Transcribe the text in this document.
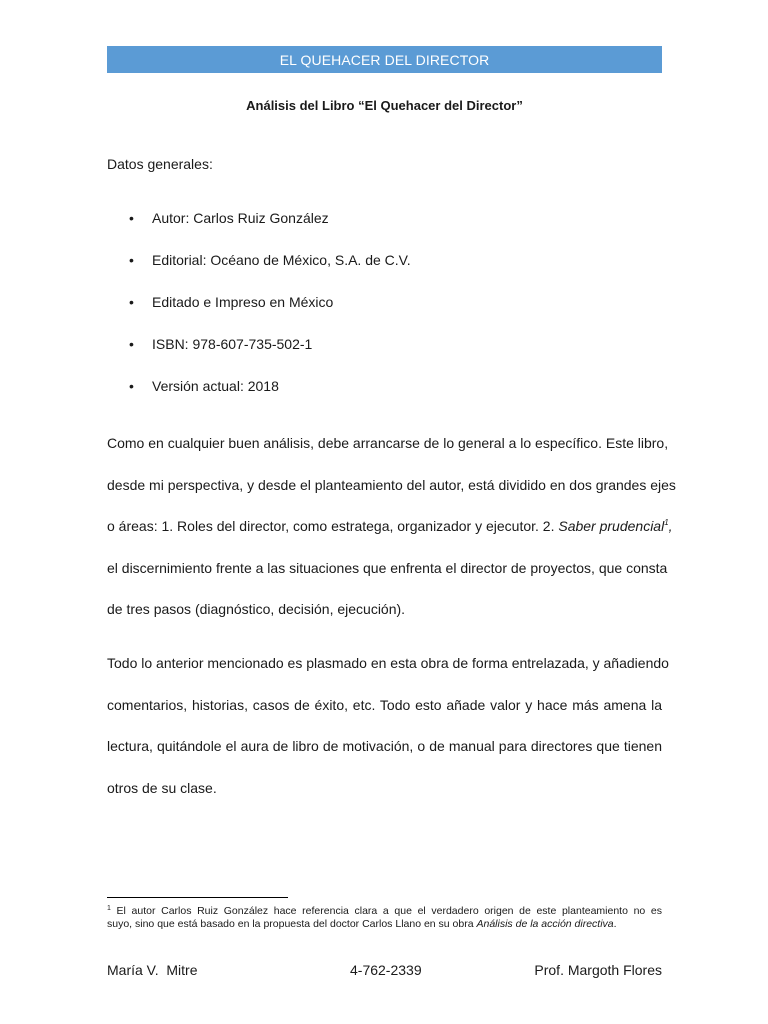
EL QUEHACER DEL DIRECTOR
Análisis del Libro “El Quehacer del Director”
Datos generales:
• Autor: Carlos Ruiz González
• Editorial: Océano de México, S.A. de C.V.
• Editado e Impreso en México
• ISBN: 978-607-735-502-1
• Versión actual: 2018
Como en cualquier buen análisis, debe arrancarse de lo general a lo específico. Este libro,
desde mi perspectiva, y desde el planteamiento del autor, está dividido en dos grandes ejes
o áreas: 1. Roles del director, como estratega, organizador y ejecutor. 2. Saber prudencial$^1$,
el discernimiento frente a las situaciones que enfrenta el director de proyectos, que consta
de tres pasos (diagnóstico, decisión, ejecución).
Todo lo anterior mencionado es plasmado en esta obra de forma entrelazada, y añadiendo
comentarios, historias, casos de éxito, etc. Todo esto añade valor y hace más amena la
lectura, quitándole el aura de libro de motivación, o de manual para directores que tienen
otros de su clase.
$^1$ El autor Carlos Ruiz González hace referencia clara a que el verdadero origen de este planteamiento no es
suyo, sino que está basado en la propuesta del doctor Carlos Llano en su obra Análisis de la acción directiva.
María V.  Mitre	4-762-2339	Prof. Margoth Flores
